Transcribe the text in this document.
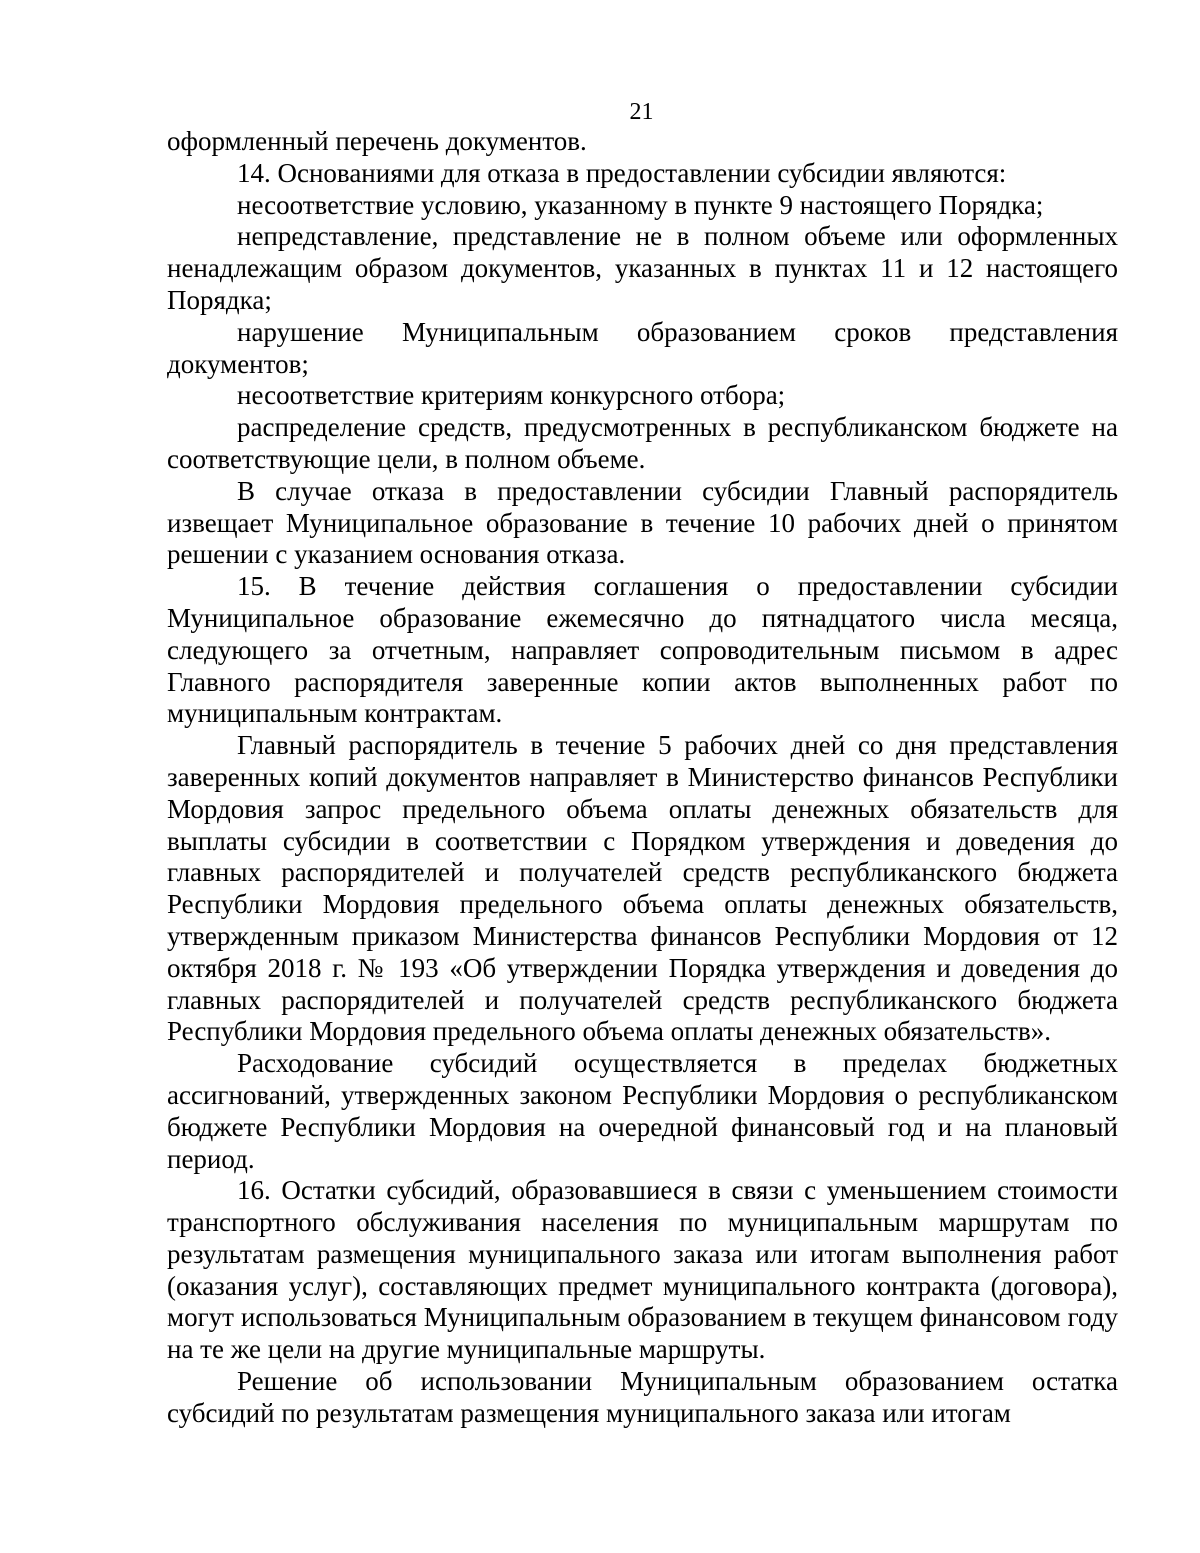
21

оформленный перечень документов.

14. Основаниями для отказа в предоставлении субсидии являются:

несоответствие условию, указанному в пункте 9 настоящего Порядка;

непредставление, представление не в полном объеме или оформленных ненадлежащим образом документов, указанных в пунктах 11 и 12 настоящего Порядка;

нарушение Муниципальным образованием сроков представления документов;

несоответствие критериям конкурсного отбора;

распределение средств, предусмотренных в республиканском бюджете на соответствующие цели, в полном объеме.

В случае отказа в предоставлении субсидии Главный распорядитель извещает Муниципальное образование в течение 10 рабочих дней о принятом решении с указанием основания отказа.

15. В течение действия соглашения о предоставлении субсидии Муниципальное образование ежемесячно до пятнадцатого числа месяца, следующего за отчетным, направляет сопроводительным письмом в адрес Главного распорядителя заверенные копии актов выполненных работ по муниципальным контрактам.

Главный распорядитель в течение 5 рабочих дней со дня представления заверенных копий документов направляет в Министерство финансов Республики Мордовия запрос предельного объема оплаты денежных обязательств для выплаты субсидии в соответствии с Порядком утверждения и доведения до главных распорядителей и получателей средств республиканского бюджета Республики Мордовия предельного объема оплаты денежных обязательств, утвержденным приказом Министерства финансов Республики Мордовия от 12 октября 2018 г. № 193 «Об утверждении Порядка утверждения и доведения до главных распорядителей и получателей средств республиканского бюджета Республики Мордовия предельного объема оплаты денежных обязательств».

Расходование субсидий осуществляется в пределах бюджетных ассигнований, утвержденных законом Республики Мордовия о республиканском бюджете Республики Мордовия на очередной финансовый год и на плановый период.

16. Остатки субсидий, образовавшиеся в связи с уменьшением стоимости транспортного обслуживания населения по муниципальным маршрутам по результатам размещения муниципального заказа или итогам выполнения работ (оказания услуг), составляющих предмет муниципального контракта (договора), могут использоваться Муниципальным образованием в текущем финансовом году на те же цели на другие муниципальные маршруты.

Решение об использовании Муниципальным образованием остатка субсидий по результатам размещения муниципального заказа или итогам
